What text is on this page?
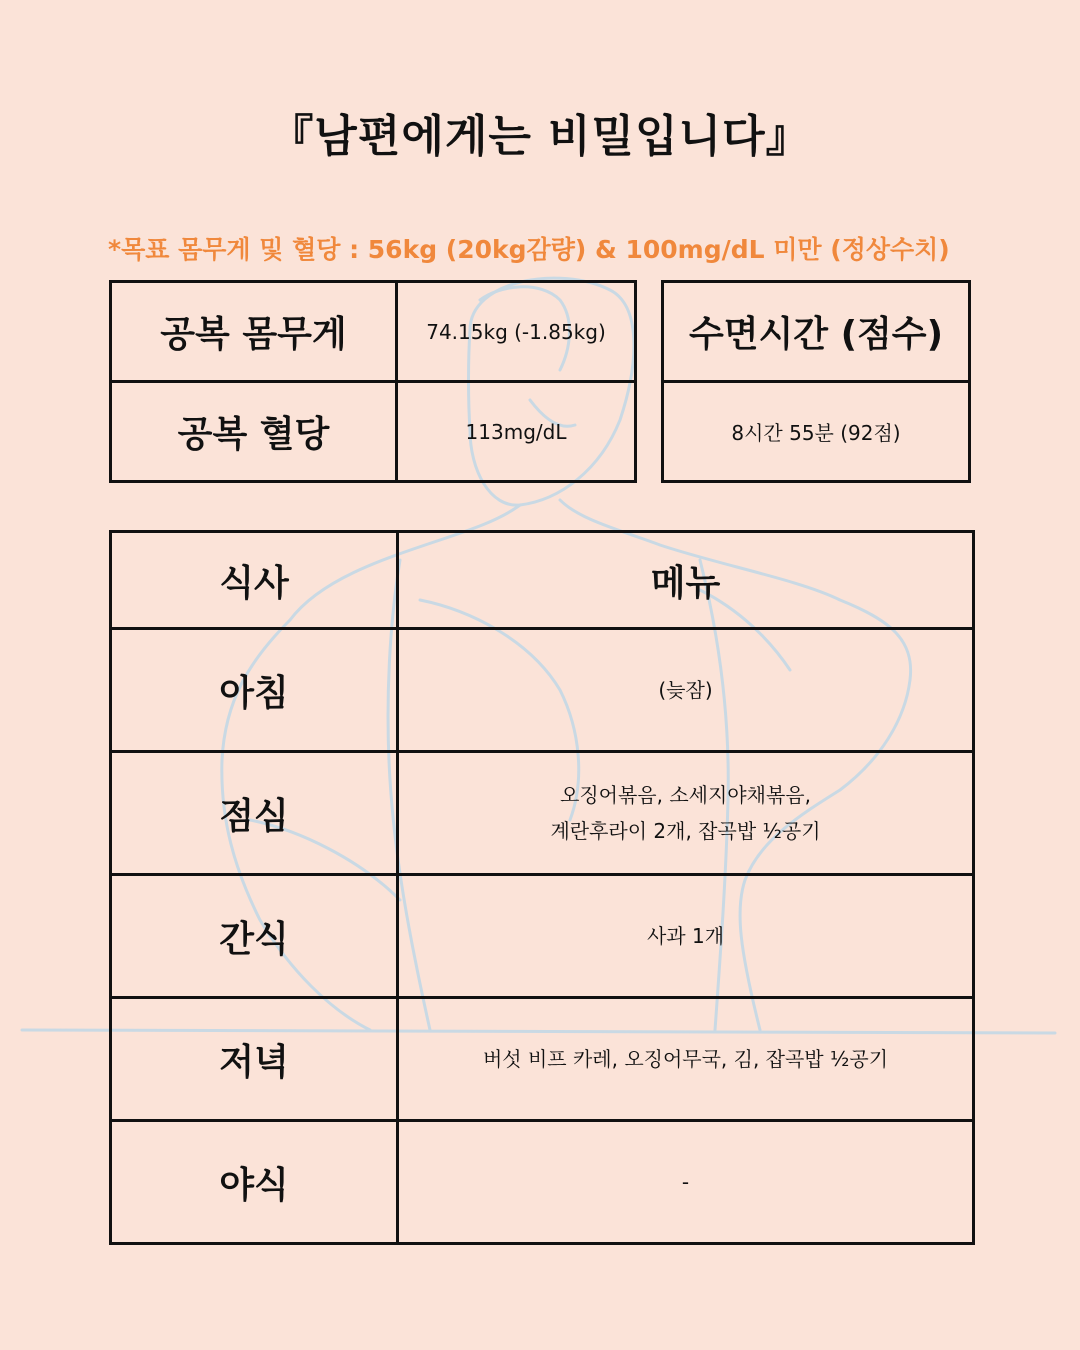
『남편에게는 비밀입니다』
*목표 몸무게 및 혈당 : 56kg (20kg감량) & 100mg/dL 미만 (정상수치)
공복 몸무게	74.15kg (-1.85kg)
공복 혈당	113mg/dL
수면시간 (점수)
8시간 55분 (92점)
식사	메뉴
아침	(늦잠)

점심	오징어볶음, 소세지야채볶음,
계란후라이 2개, 잡곡밥 ½공기

간식	사과 1개

저녁	버섯 비프 카레, 오징어무국, 김, 잡곡밥 ½공기

야식	-
